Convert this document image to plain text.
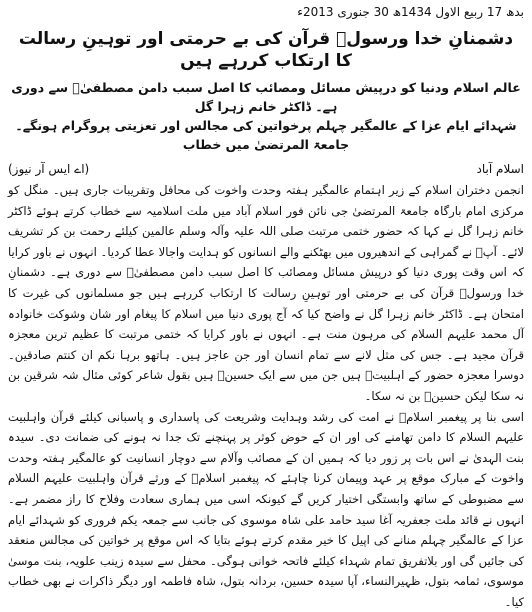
بدھ 17 ربیع الاول 1434ھ 30 جنوری 2013ء
دشمنانِ خدا ورسولؐ قرآن کی بے حرمتی اور توہینِ رسالت کا ارتکاب کررہے ہیں

عالم اسلام ودنیا کو درپیش مسائل ومصائب کا اصل سبب دامن مصطفیٰؐ سے دوری ہے۔ ڈاکٹر خانم زہرا گل

شہدائے ایام عزا کے عالمگیر چہلم پرخواتین کی مجالس اور تعزیتی پروگرام ہونگے۔ جامعۃ المرتضیٰ میں خطاب

اسلام آباد
(اے ایس آر نیوز)

انجمن دختران اسلام کے زیر اہتمام عالمگیر ہفتہ وحدت واخوت کی محافل وتقریبات جاری ہیں۔ منگل کو مرکزی امام بارگاہ جامعۃ المرتضیٰ جی نائن فور اسلام آباد میں ملت اسلامیہ سے خطاب کرتے ہوئے ڈاکٹر خانم زہرا گل نے کہا کہ حضور ختمی مرتبت صلی اللہ علیہ وآلہ وسلم عالمین کیلئے رحمت بن کر تشریف لائے۔ آپؐ نے گمراہی کے اندھیروں میں بھٹکنے والے انسانوں کو ہدایت واجالا عطا کردیا۔ انہوں نے باور کرایا کہ اس وقت پوری دنیا کو درپیش مسائل ومصائب کا اصل سبب دامن مصطفیٰؐ سے دوری ہے۔ دشمنانِ خدا ورسولؐ قرآن کی بے حرمتی اور توہینِ رسالت کا ارتکاب کررہے ہیں جو مسلمانوں کی غیرت کا امتحان ہے۔ ڈاکٹر خانم زہرا گل نے واضح کیا کہ آج پوری دنیا میں اسلام کا پیغام اور شان وشوکت خانوادہ آل محمد علیہم السلام کی مرہون منت ہے۔ انہوں نے باور کرایا کہ ختمی مرتبت کا عظیم ترین معجزہ قرآن مجید ہے۔ جس کی مثل لانے سے تمام انسان اور جن عاجز ہیں۔ ہاتھو برہا نکم ان کنتم صادقین۔ دوسرا معجزہ حضور کے اہلبیتؑ ہیں جن میں سے ایک حسینؑ ہیں بقول شاعر کوئی مثال شہ شرقین بن نہ سکا لیکن حسینؑ بن نہ سکا۔

اسی بنا پر پیغمبر اسلامؐ نے امت کی رشد وہدایت وشریعت کی پاسداری و پاسبانی کیلئے قرآن واہلبیت علیہم السلام کا دامن تھامنے کی اور ان کے حوض کوثر پر پہنچنے تک جدا نہ ہونے کی ضمانت دی۔ سیدہ بنت الہدیٰ نے اس بات پر زور دیا کہ ہمیں ان کے مصائب وآلام سے دوچار انسانیت کو عالمگیر ہفتہ وحدت واخوت کے مبارک موقع پر عہد وپیمان کرنا چاہئے کہ پیغمبر اسلامؐ کے ورثے قرآن واہلبیت علیہم السلام سے مضبوطی کے ساتھ وابستگی اختیار کریں گے کیونکہ اسی میں ہماری سعادت وفلاح کا راز مضمر ہے۔ انہوں نے قائد ملت جعفریہ آغا سید حامد علی شاہ موسوی کی جانب سے جمعہ یکم فروری کو شہدائے ایام عزا کے عالمگیر چہلم منانے کی اپیل کا خیر مقدم کرتے ہوئے بتایا کہ اس موقع پر خواتین کی مجالس منعقد کی جائیں گی اور بلاتفریق تمام شہداء کیلئے فاتحہ خوانی ہوگی۔ محفل سے سیدہ زینب علویہ، بنت موسیٰ موسوی، ثمامہ بتول، ظہیرالنساء، آپا سیدہ حسین، بردانہ بتول، شاہ فاطمہ اور دیگر ذاکرات نے بھی خطاب کیا۔
